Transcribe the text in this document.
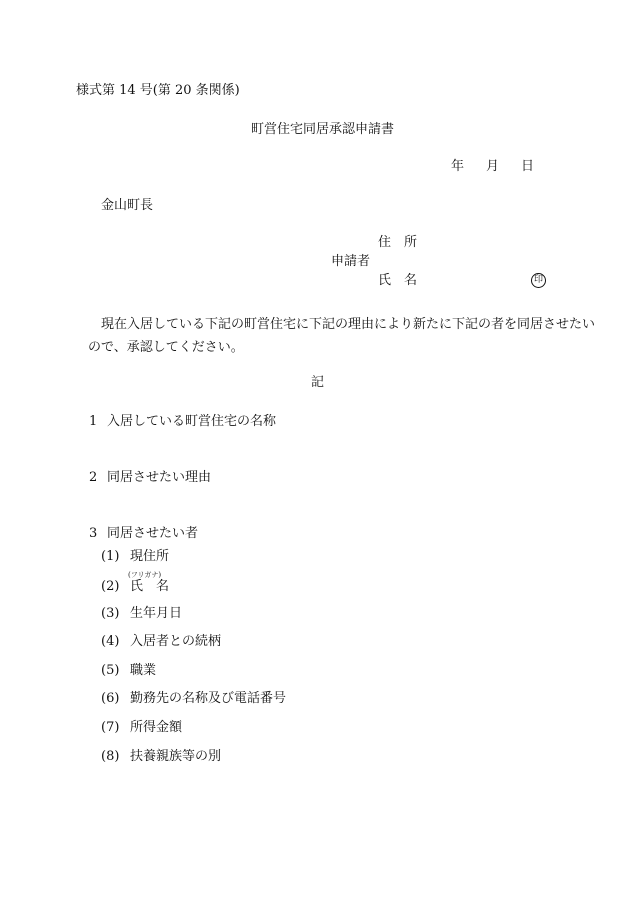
様式第 14 号(第 20 条関係)
町営住宅同居承認申請書
年 月 日
金山町長
住　所
申請者
氏　名	印
現在入居している下記の町営住宅に下記の理由により新たに下記の者を同居させたい
ので、承認してください。
記
1 入居している町営住宅の名称
2 同居させたい理由
3 同居させたい者
(1) 現住所
(2)
(フリガナ)
氏　名
(3) 生年月日
(4) 入居者との続柄
(5) 職業
(6) 勤務先の名称及び電話番号
(7) 所得金額
(8) 扶養親族等の別
